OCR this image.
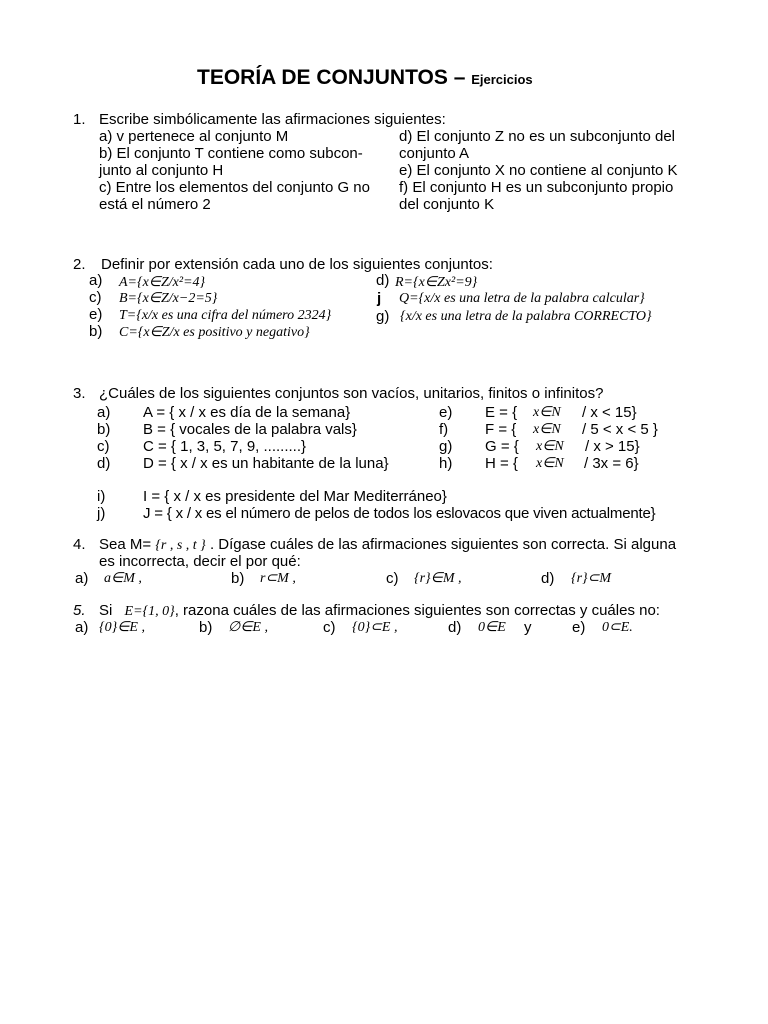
TEORÍA DE CONJUNTOS – Ejercicios
1. Escribe simbólicamente las afirmaciones siguientes:
a) v pertenece al conjunto M
b) El conjunto T contiene como subcon-
junto al conjunto H
c) Entre los elementos del conjunto G no
está el número 2
d) El conjunto Z no es un subconjunto del
conjunto A
e) El conjunto X no contiene al conjunto K
f) El conjunto H es un subconjunto propio
del conjunto K
2. Definir por extensión cada uno de los siguientes conjuntos:
a) A={x∈Z/x²=4}	d) R={x∈Zx²=9}
c) B={x∈Z/x−2=5}	j Q={x/x es una letra de la palabra calcular}
e) T={x/x es una cifra del número 2324}	g) {x/x es una letra de la palabra CORRECTO}
b) C={x∈Z/x es positivo y negativo}
3. ¿Cuáles de los siguientes conjuntos son vacíos, unitarios, finitos o infinitos?
a) A = { x / x es día de la semana}
b) B = { vocales de la palabra vals}
c) C = { 1, 3, 5, 7, 9, .........}
d) D = { x / x es un habitante de la luna}
e) E = { x∈N / x < 15}
f) F = { x∈N / 5 < x < 5 }
g) G = { x∈N / x > 15}
h) H = { x∈N / 3x = 6}
i)	I = { x / x es presidente del Mar Mediterráneo}
j)	J = { x / x es el número de pelos de todos los eslovacos que viven actualmente}
4. Sea M= {r , s , t } . Dígase cuáles de las afirmaciones siguientes son correcta. Si alguna
es incorrecta, decir el por qué:
a) a∈M ,	b) r⊂M ,	c) {r}∈M ,	d) {r}⊂M
5. Si E={1, 0}, razona cuáles de las afirmaciones siguientes son correctas y cuáles no:
a) {0}∈E ,	b) ∅∈E ,	c) {0}⊂E ,	d) 0∈E y	e) 0⊂E.
